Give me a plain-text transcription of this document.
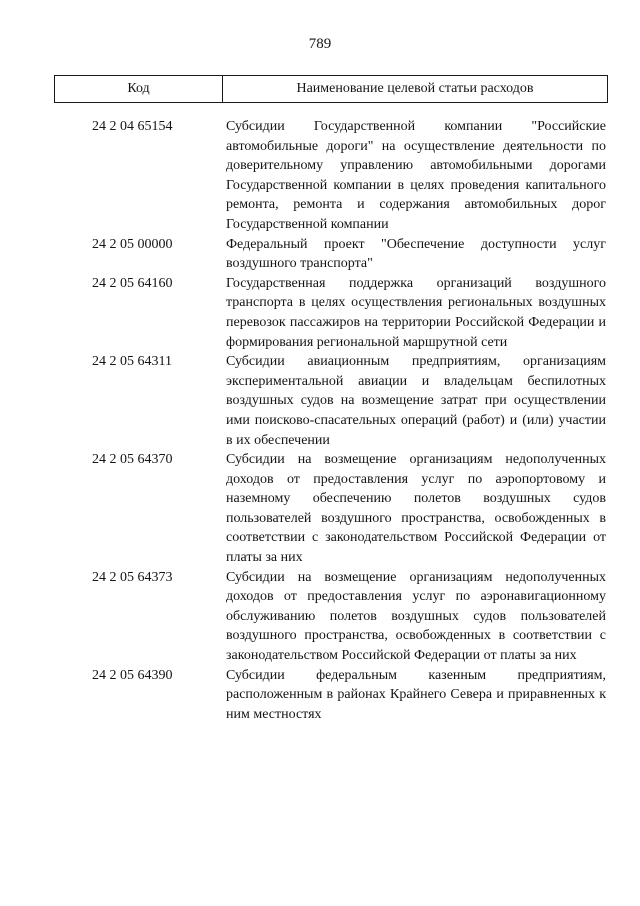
789
Код	Наименование целевой статьи расходов
24 2 04 65154	Субсидии Государственной компании "Российские автомобильные дороги" на осуществление деятельности по доверительному управлению автомобильными дорогами Государственной компании в целях проведения капитального ремонта, ремонта и содержания автомобильных дорог Государственной компании
24 2 05 00000	Федеральный проект "Обеспечение доступности услуг воздушного транспорта"
24 2 05 64160	Государственная поддержка организаций воздушного транспорта в целях осуществления региональных воздушных перевозок пассажиров на территории Российской Федерации и формирования региональной маршрутной сети
24 2 05 64311	Субсидии авиационным предприятиям, организациям экспериментальной авиации и владельцам беспилотных воздушных судов на возмещение затрат при осуществлении ими поисково-спасательных операций (работ) и (или) участии в их обеспечении
24 2 05 64370	Субсидии на возмещение организациям недополученных доходов от предоставления услуг по аэропортовому и наземному обеспечению полетов воздушных судов пользователей воздушного пространства, освобожденных в соответствии с законодательством Российской Федерации от платы за них
24 2 05 64373	Субсидии на возмещение организациям недополученных доходов от предоставления услуг по аэронавигационному обслуживанию полетов воздушных судов пользователей воздушного пространства, освобожденных в соответствии с законодательством Российской Федерации от платы за них
24 2 05 64390	Субсидии федеральным казенным предприятиям, расположенным в районах Крайнего Севера и приравненных к ним местностях
